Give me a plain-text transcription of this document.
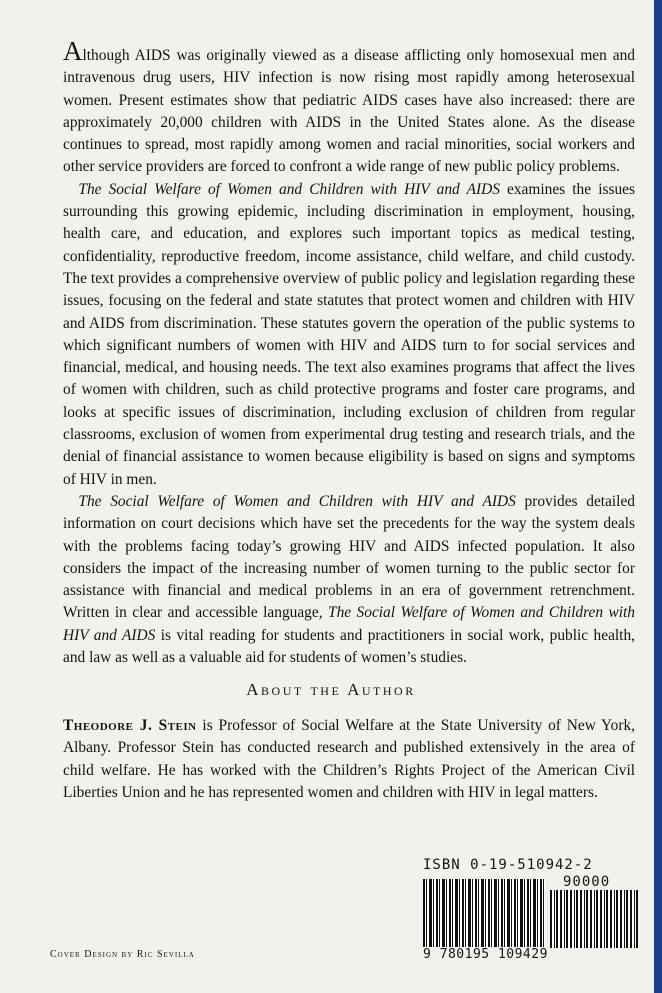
Although AIDS was originally viewed as a disease afflicting only homosexual men and intravenous drug users, HIV infection is now rising most rapidly among heterosexual women. Present estimates show that pediatric AIDS cases have also increased: there are approximately 20,000 children with AIDS in the United States alone. As the disease continues to spread, most rapidly among women and racial minorities, social workers and other service providers are forced to confront a wide range of new public policy problems.

 The Social Welfare of Women and Children with HIV and AIDS examines the issues surrounding this growing epidemic, including discrimination in employment, housing, health care, and education, and explores such important topics as medical testing, confidentiality, reproductive freedom, income assistance, child welfare, and child custody. The text provides a comprehensive overview of public policy and legislation regarding these issues, focusing on the federal and state statutes that protect women and children with HIV and AIDS from discrimination. These statutes govern the operation of the public systems to which significant numbers of women with HIV and AIDS turn to for social services and financial, medical, and housing needs. The text also examines programs that affect the lives of women with children, such as child protective programs and foster care programs, and looks at specific issues of discrimination, including exclusion of children from regular classrooms, exclusion of women from experimental drug testing and research trials, and the denial of financial assistance to women because eligibility is based on signs and symptoms of HIV in men.

 The Social Welfare of Women and Children with HIV and AIDS provides detailed information on court decisions which have set the precedents for the way the system deals with the problems facing today’s growing HIV and AIDS infected population. It also considers the impact of the increasing number of women turning to the public sector for assistance with financial and medical problems in an era of government retrenchment. Written in clear and accessible language, The Social Welfare of Women and Children with HIV and AIDS is vital reading for students and practitioners in social work, public health, and law as well as a valuable aid for students of women’s studies.

About the Author
Theodore J. Stein is Professor of Social Welfare at the State University of New York, Albany. Professor Stein has conducted research and published extensively in the area of child welfare. He has worked with the Children’s Rights Project of the American Civil Liberties Union and he has represented women and children with HIV in legal matters.
Cover Design by Ric Sevilla
ISBN 0-19-510942-2
90000
9 780195 109429
